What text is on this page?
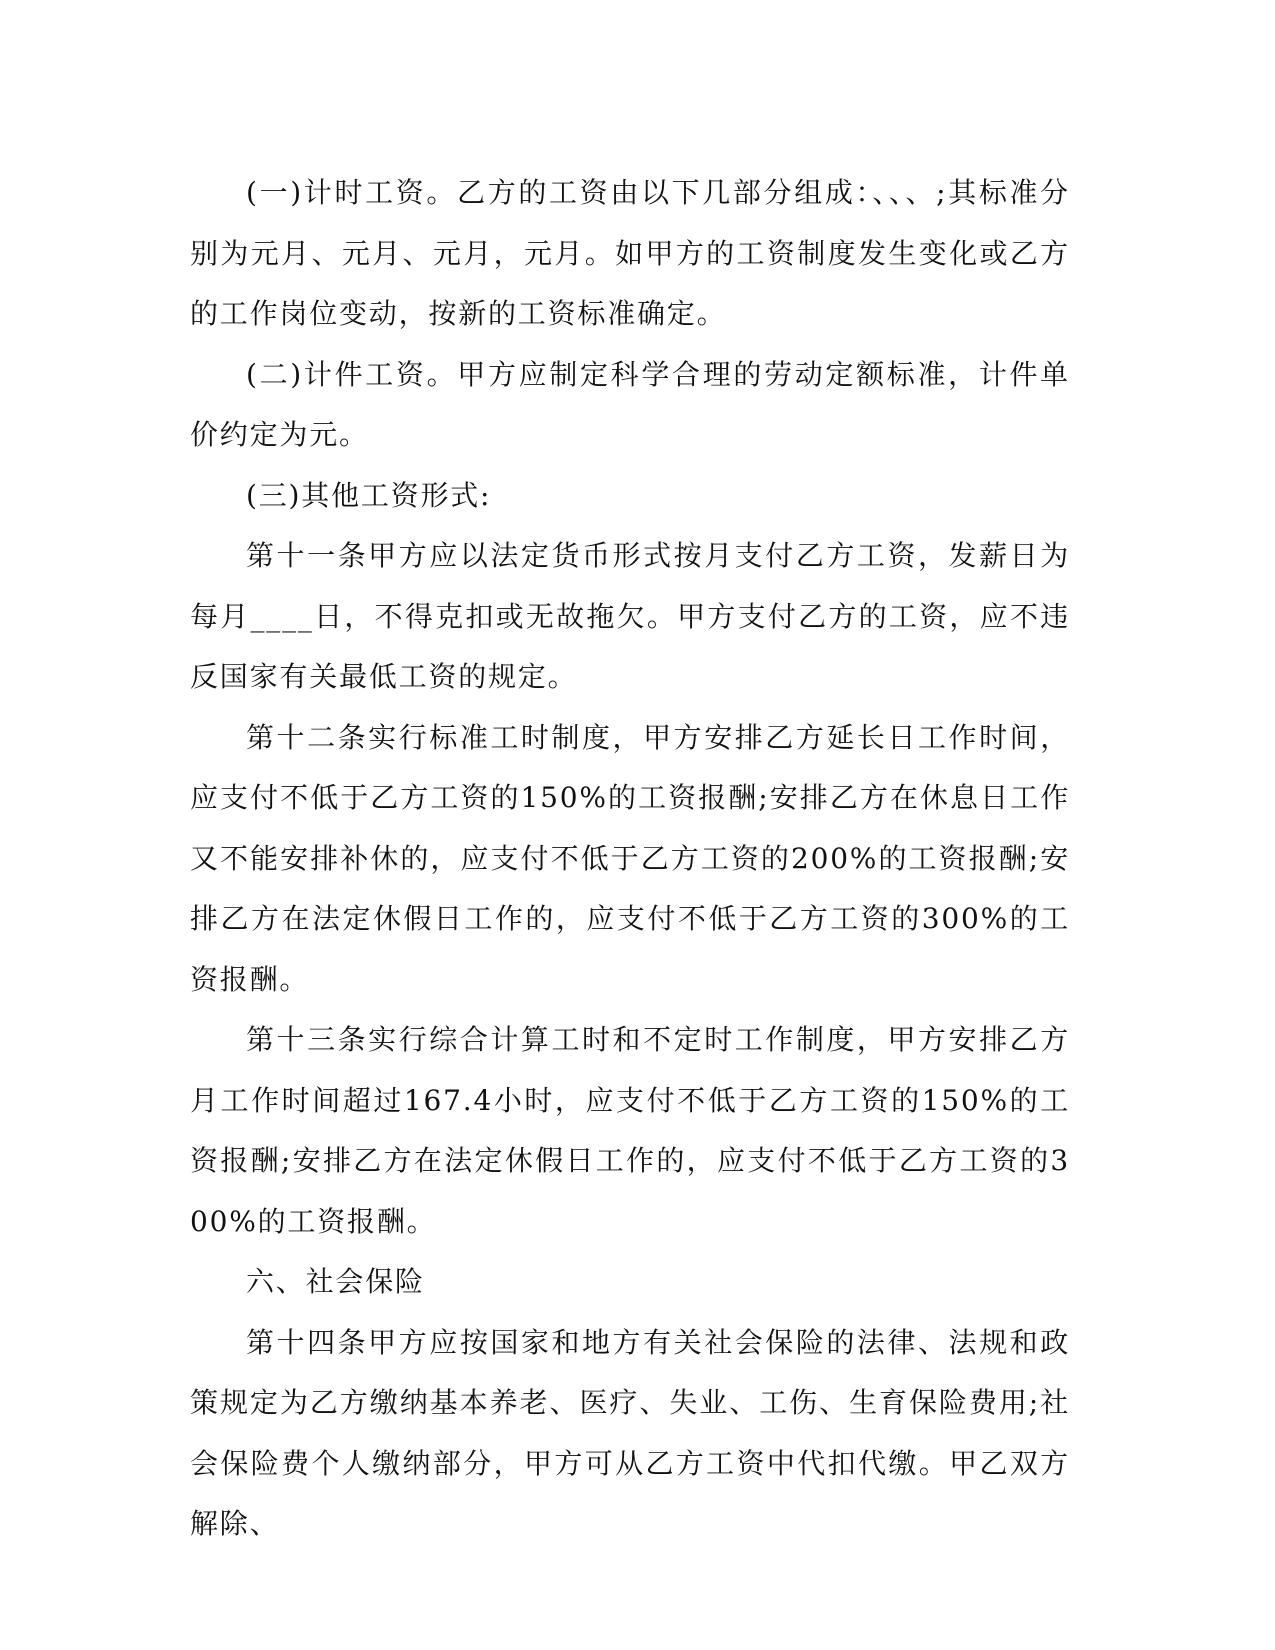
(一)计时工资。乙方的工资由以下几部分组成：、、、;其标准分别为元月、元月、元月，元月。如甲方的工资制度发生变化或乙方的工作岗位变动，按新的工资标准确定。

(二)计件工资。甲方应制定科学合理的劳动定额标准，计件单价约定为元。

(三)其他工资形式:

第十一条甲方应以法定货币形式按月支付乙方工资，发薪日为每月____日，不得克扣或无故拖欠。甲方支付乙方的工资，应不违反国家有关最低工资的规定。

第十二条实行标准工时制度，甲方安排乙方延长日工作时间，应支付不低于乙方工资的150%的工资报酬;安排乙方在休息日工作又不能安排补休的，应支付不低于乙方工资的200%的工资报酬;安排乙方在法定休假日工作的，应支付不低于乙方工资的300%的工资报酬。

第十三条实行综合计算工时和不定时工作制度，甲方安排乙方月工作时间超过167.4小时，应支付不低于乙方工资的150%的工资报酬;安排乙方在法定休假日工作的，应支付不低于乙方工资的300%的工资报酬。

六、社会保险

第十四条甲方应按国家和地方有关社会保险的法律、法规和政策规定为乙方缴纳基本养老、医疗、失业、工伤、生育保险费用;社会保险费个人缴纳部分，甲方可从乙方工资中代扣代缴。甲乙双方解除、
